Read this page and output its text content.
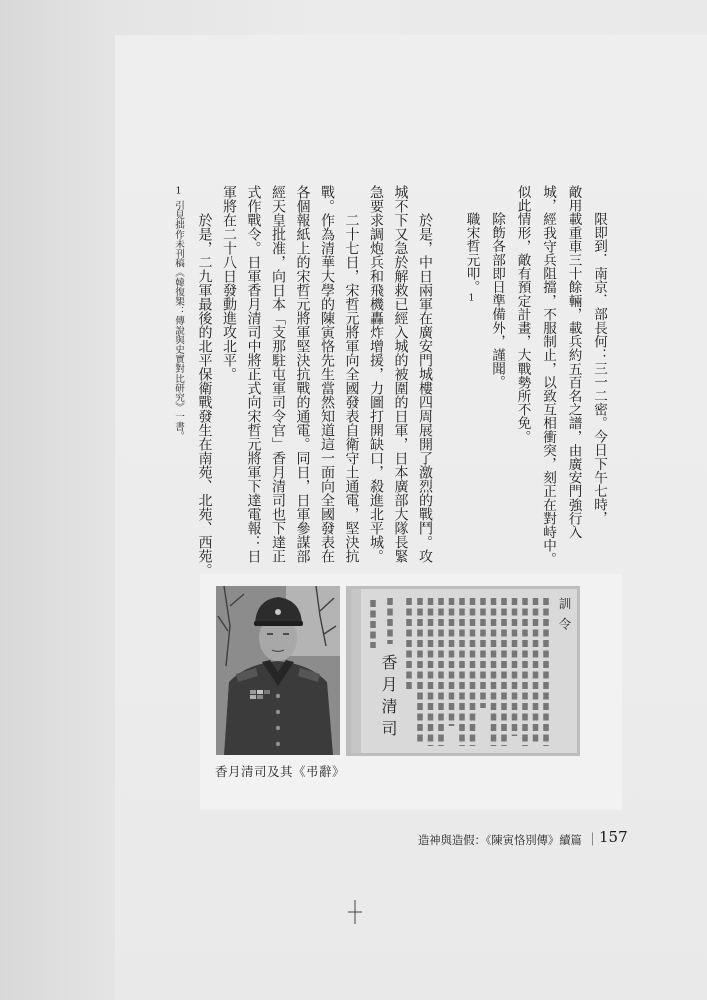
限即到．南京．部長何：三一二密。今日下午七時，
敵用載重車三十餘輛，載兵約五百名之譜，由廣安門強行入
城，經我守兵阻擋，不服制止，以致互相衝突，刻正在對峙中。
似此情形，敵有預定計畫，大戰勢所不免。
除飭各部即日準備外，謹聞。
職宋哲元叩。1
於是，中日兩軍在廣安門城樓四周展開了激烈的戰鬥。攻
城不下又急於解救已經入城的被圍的日軍，日本廣部大隊長緊
急要求調炮兵和飛機轟炸增援，力圖打開缺口，殺進北平城。
二十七日，宋哲元將軍向全國發表自衛守土通電，堅決抗
戰。作為清華大學的陳寅恪先生當然知道這一面向全國發表在
各個報紙上的宋哲元將軍堅決抗戰的通電。同日，日軍參謀部
經天皇批准，向日本「支那駐屯軍司令官」香月清司也下達正
式作戰令。日軍香月清司中將正式向宋哲元將軍下達電報：日
軍將在二十八日發動進攻北平。
於是，二九軍最後的北平保衛戰發生在南苑、北苑、西苑。
1引見拙作未刊稿《韓復榘：傳說與史實對比研究》一書。
訓令
香月清司
香月清司及其《弔辭》
造神與造假：《陳寅恪別傳》續篇 ｜ 157
